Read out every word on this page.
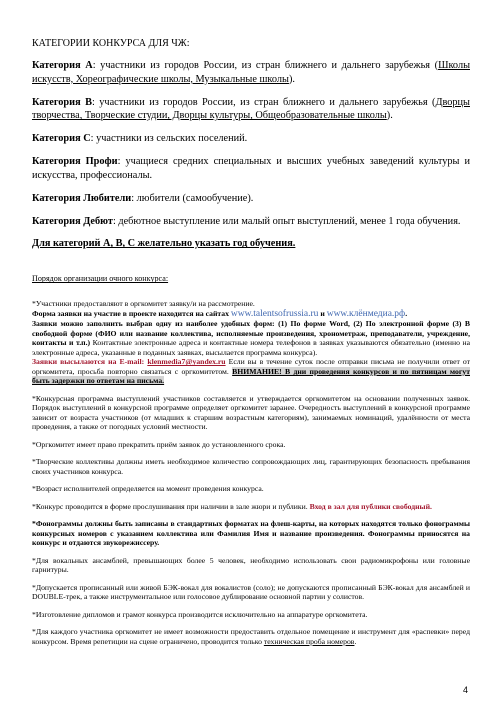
КАТЕГОРИИ КОНКУРСА ДЛЯ ЧЖ:

Категория А: участники из городов России, из стран ближнего и дальнего зарубежья (Школы искусств, Хореографические школы, Музыкальные школы).

Категория В: участники из городов России, из стран ближнего и дальнего зарубежья (Дворцы творчества, Творческие студии, Дворцы культуры, Общеобразовательные школы).

Категория С: участники из сельских поселений.

Категория Профи: учащиеся средних специальных и высших учебных заведений культуры и искусства, профессионалы.

Категория Любители: любители (самообучение).

Категория Дебют: дебютное выступление или малый опыт выступлений, менее 1 года обучения.

Для категорий А, В, С желательно указать год обучения.

Порядок организации очного конкурса:

*Участники предоставляют в оргкомитет заявку/и на рассмотрение.
Форма заявки на участие в проекте находится на сайтах www.talentsofrussia.ru и www.клёнмедиа.рф.
Заявки можно заполнить выбрав одну из наиболее удобных форм: (1) По форме Word, (2) По электронной форме (3) В свободной форме (ФИО или название коллектива, исполняемые произведения, хронометраж, преподаватели, учреждение, контакты и т.п.) Контактные электронные адреса и контактные номера телефонов в заявках указываются обязательно (именно на электронные адреса, указанные в поданных заявках, высылается программа конкурса).
Заявки высылаются на E-mail: klenmedia7@yandex.ru Если вы в течение суток после отправки письма не получили ответ от оргкомитета, просьба повторно связаться с оргкомитетом. ВНИМАНИЕ! В дни проведения конкурсов и по пятницам могут быть задержки по ответам на письма.

*Конкурсная программа выступлений участников составляется и утверждается оргкомитетом на основании полученных заявок. Порядок выступлений в конкурсной программе определяет оргкомитет заранее. Очередность выступлений в конкурсной программе зависит от возраста участников (от младших к старшим возрастным категориям), занимаемых номинаций, удалённости от места проведения, а также от погодных условий местности.

*Оргкомитет имеет право прекратить приём заявок до установленного срока.

*Творческие коллективы должны иметь необходимое количество сопровождающих лиц, гарантирующих безопасность пребывания своих участников конкурса.

*Возраст исполнителей определяется на момент проведения конкурса.

*Конкурс проводится в форме прослушивания при наличии в зале жюри и публики. Вход в зал для публики свободный.

*Фонограммы должны быть записаны в стандартных форматах на флеш-карты, на которых находятся только фонограммы конкурсных номеров с указанием коллектива или Фамилия Имя и название произведения. Фонограммы приносятся на конкурс и отдаются звукорежиссеру.

*Для вокальных ансамблей, превышающих более 5 человек, необходимо использовать свои радиомикрофоны или головные гарнитуры.

*Допускается прописанный или живой БЭК-вокал для вокалистов (соло); не допускаются прописанный БЭК-вокал для ансамблей и DOUBLE-трек, а также инструментальное или голосовое дублирование основной партии у солистов.

*Изготовление дипломов и грамот конкурса производится исключительно на аппаратуре оргкомитета.

*Для каждого участника оргкомитет не имеет возможности предоставить отдельное помещение и инструмент для «распевки» перед конкурсом. Время репетиции на сцене ограничено, проводится только техническая проба номеров.

4
